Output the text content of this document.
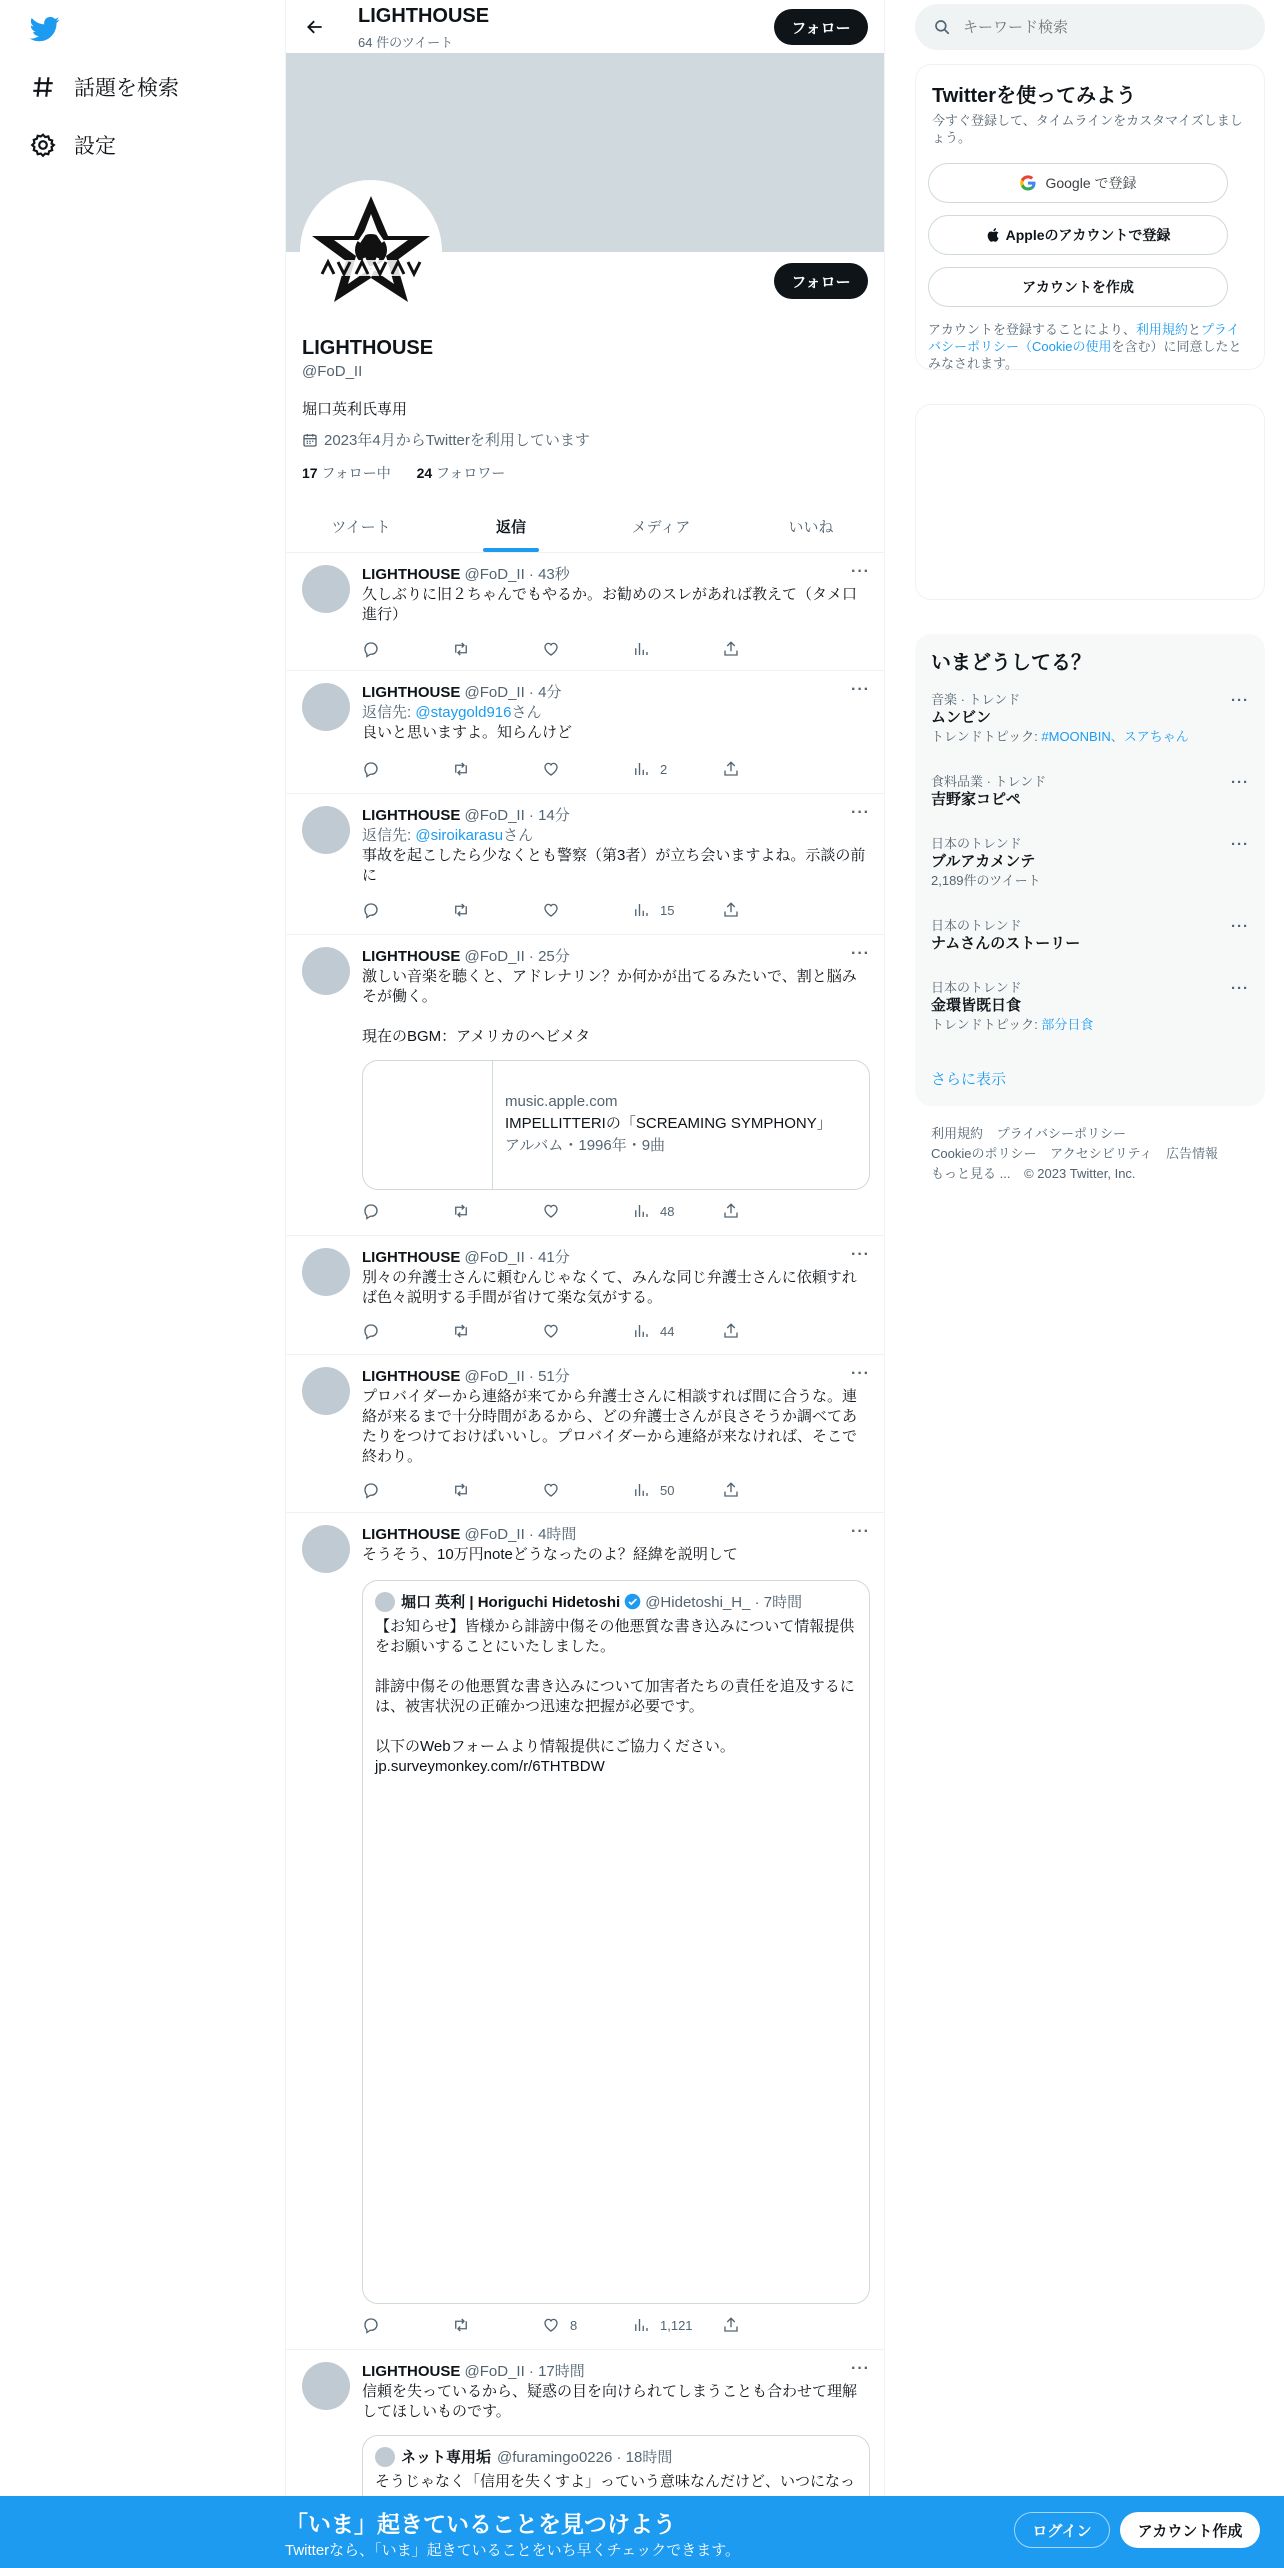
話題を検索
設定
LIGHTHOUSE
64 件のツイート
フォロー
フォロー
LIGHTHOUSE
@FoD_II
堀口英利氏専用
2023年4月からTwitterを利用しています
17 フォロー中 24 フォロワー
ツイート	返信	メディア	いいね
LIGHTHOUSE @FoD_II · 43秒
久しぶりに旧２ちゃんでもやるか。お勧めのスレがあれば教えて（タメ口進行）
···
LIGHTHOUSE @FoD_II · 4分
返信先: @staygold916さん
良いと思いますよ。知らんけど
···
2
LIGHTHOUSE @FoD_II · 14分
返信先: @siroikarasuさん
事故を起こしたら少なくとも警察（第3者）が立ち会いますよね。示談の前に
···
15
LIGHTHOUSE @FoD_II · 25分
激しい音楽を聴くと、アドレナリン？か何かが出てるみたいで、割と脳みそが働く。

現在のBGM：アメリカのヘビメタ
···
music.apple.com
IMPELLITTERIの「SCREAMING SYMPHONY」
アルバム・1996年・9曲
48
LIGHTHOUSE @FoD_II · 41分
別々の弁護士さんに頼むんじゃなくて、みんな同じ弁護士さんに依頼すれば色々説明する手間が省けて楽な気がする。
···
44
LIGHTHOUSE @FoD_II · 51分
プロバイダーから連絡が来てから弁護士さんに相談すれば間に合うな。連絡が来るまで十分時間があるから、どの弁護士さんが良さそうか調べてあたりをつけておけばいいし。プロバイダーから連絡が来なければ、そこで終わり。
···
50
LIGHTHOUSE @FoD_II · 4時間
そうそう、10万円noteどうなったのよ？経緯を説明して
···
堀口 英利 | Horiguchi Hidetoshi @Hidetoshi_H_ · 7時間
【お知らせ】皆様から誹謗中傷その他悪質な書き込みについて情報提供をお願いすることにいたしました。

誹謗中傷その他悪質な書き込みについて加害者たちの責任を追及するには、被害状況の正確かつ迅速な把握が必要です。

以下のWebフォームより情報提供にご協力ください。
jp.surveymonkey.com/r/6THTBDW
8	1,121
LIGHTHOUSE @FoD_II · 17時間
信頼を失っているから、疑惑の目を向けられてしまうことも合わせて理解してほしいものです。
···
ネット専用垢 @furamingo0226 · 18時間
そうじゃなく「信用を失くすよ」っていう意味なんだけど、いつになっ
キーワード検索
Twitterを使ってみよう
今すぐ登録して、タイムラインをカスタマイズしましょう。
Google で登録
Appleのアカウントで登録
アカウントを作成
アカウントを登録することにより、利用規約とプライバシーポリシー（Cookieの使用を含む）に同意したとみなされます。
いまどうしてる？
音楽 · トレンド
ムンビン
トレンドトピック: #MOONBIN、スアちゃん
···
食料品業 · トレンド
吉野家コピペ
···
日本のトレンド
ブルアカメンテ
2,189件のツイート
···
日本のトレンド
ナムさんのストーリー
···
日本のトレンド
金環皆既日食
トレンドトピック: 部分日食
···
さらに表示
利用規約 プライバシーポリシー
Cookieのポリシー アクセシビリティ 広告情報
もっと見る ... © 2023 Twitter, Inc.
「いま」起きていることを見つけよう
Twitterなら、「いま」起きていることをいち早くチェックできます。
ログイン	アカウント作成
